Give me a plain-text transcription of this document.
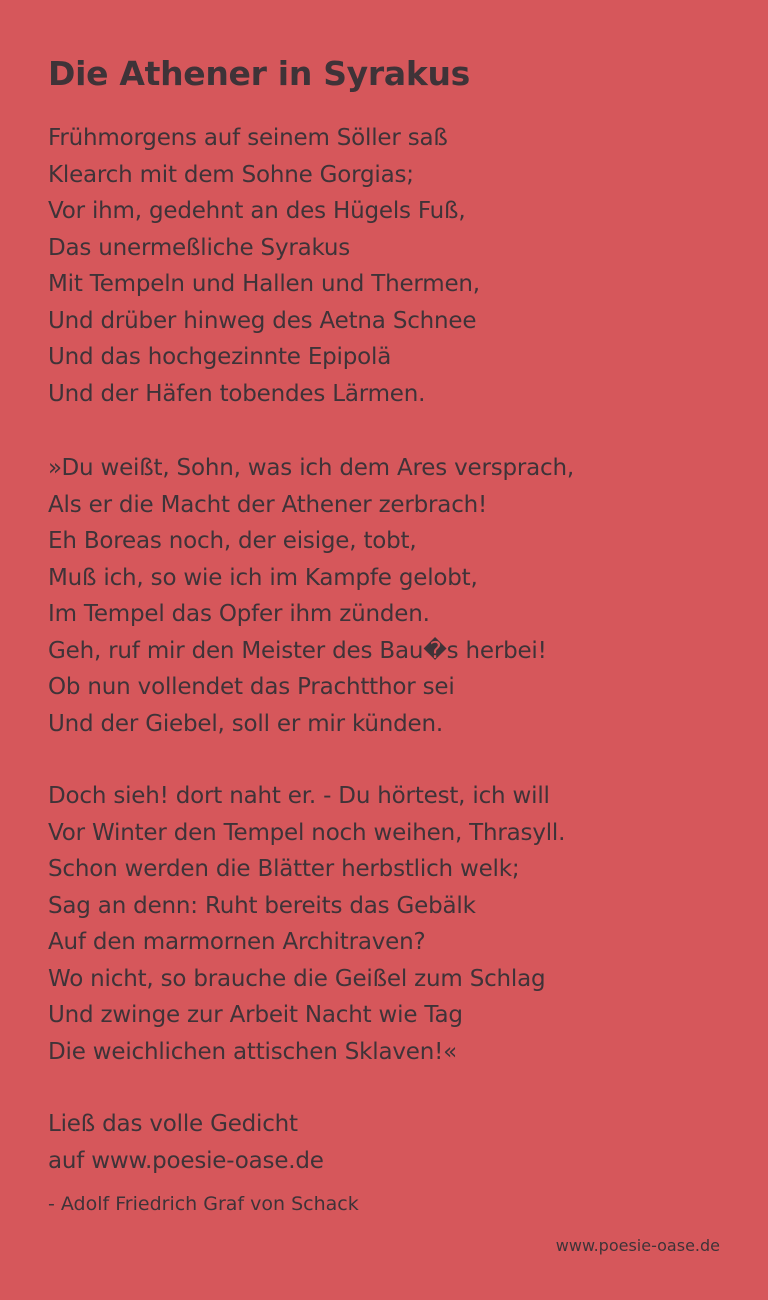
Die Athener in Syrakus
Frühmorgens auf seinem Söller saß
Klearch mit dem Sohne Gorgias;
Vor ihm, gedehnt an des Hügels Fuß,
Das unermeßliche Syrakus
Mit Tempeln und Hallen und Thermen,
Und drüber hinweg des Aetna Schnee
Und das hochgezinnte Epipolä
Und der Häfen tobendes Lärmen.
»Du weißt, Sohn, was ich dem Ares versprach,
Als er die Macht der Athener zerbrach!
Eh Boreas noch, der eisige, tobt,
Muß ich, so wie ich im Kampfe gelobt,
Im Tempel das Opfer ihm zünden.
Geh, ruf mir den Meister des Bau�s herbei!
Ob nun vollendet das Prachtthor sei
Und der Giebel, soll er mir künden.
Doch sieh! dort naht er. - Du hörtest, ich will
Vor Winter den Tempel noch weihen, Thrasyll.
Schon werden die Blätter herbstlich welk;
Sag an denn: Ruht bereits das Gebälk
Auf den marmornen Architraven?
Wo nicht, so brauche die Geißel zum Schlag
Und zwinge zur Arbeit Nacht wie Tag
Die weichlichen attischen Sklaven!«
Ließ das volle Gedicht
auf www.poesie-oase.de
- Adolf Friedrich Graf von Schack
www.poesie-oase.de
